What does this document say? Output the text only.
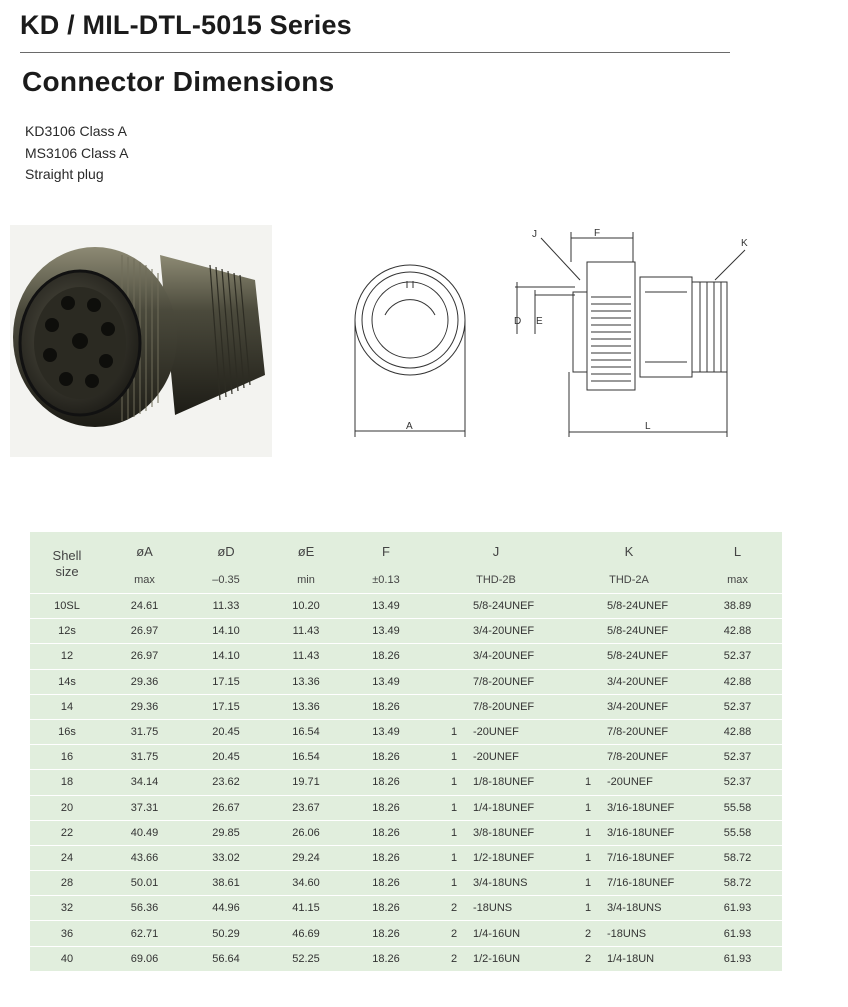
KD / MIL-DTL-5015 Series
Connector Dimensions
KD3106 Class A
MS3106 Class A
Straight plug
A
J	F
K
D E
L
Shell
size	øA	øD	øE	F	J	K	L
	max	–0.35	min	±0.13	THD-2B	THD-2A	max
10SL	24.61	11.33	10.20	13.49	5/8-24UNEF	5/8-24UNEF	38.89
12s	26.97	14.10	11.43	13.49	3/4-20UNEF	5/8-24UNEF	42.88
12	26.97	14.10	11.43	18.26	3/4-20UNEF	5/8-24UNEF	52.37
14s	29.36	17.15	13.36	13.49	7/8-20UNEF	3/4-20UNEF	42.88
14	29.36	17.15	13.36	18.26	7/8-20UNEF	3/4-20UNEF	52.37
16s	31.75	20.45	16.54	13.49	1 -20UNEF	7/8-20UNEF	42.88
16	31.75	20.45	16.54	18.26	1 -20UNEF	7/8-20UNEF	52.37
18	34.14	23.62	19.71	18.26	1 1/8-18UNEF	1 -20UNEF	52.37
20	37.31	26.67	23.67	18.26	1 1/4-18UNEF	1 3/16-18UNEF	55.58
22	40.49	29.85	26.06	18.26	1 3/8-18UNEF	1 3/16-18UNEF	55.58
24	43.66	33.02	29.24	18.26	1 1/2-18UNEF	1 7/16-18UNEF	58.72
28	50.01	38.61	34.60	18.26	1 3/4-18UNS	1 7/16-18UNEF	58.72
32	56.36	44.96	41.15	18.26	2 -18UNS	1 3/4-18UNS	61.93
36	62.71	50.29	46.69	18.26	2 1/4-16UN	2 -18UNS	61.93
40	69.06	56.64	52.25	18.26	2 1/2-16UN	2 1/4-18UN	61.93
